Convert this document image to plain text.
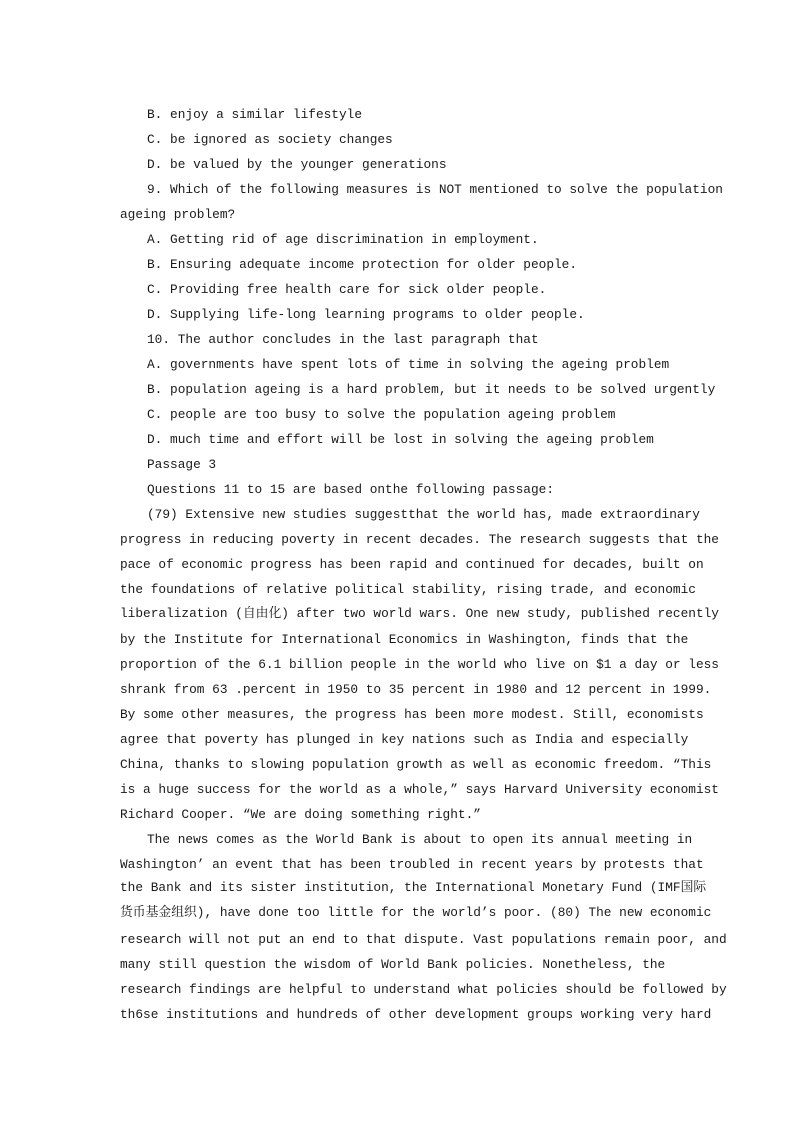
B. enjoy a similar lifestyle
C. be ignored as society changes
D. be valued by the younger generations
9. Which of the following measures is NOT mentioned to solve the population
ageing problem?
A. Getting rid of age discrimination in employment.
B. Ensuring adequate income protection for older people.
C. Providing free health care for sick older people.
D. Supplying life-long learning programs to older people.
10. The author concludes in the last paragraph that
A. governments have spent lots of time in solving the ageing problem
B. population ageing is a hard problem, but it needs to be solved urgently
C. people are too busy to solve the population ageing problem
D. much time and effort will be lost in solving the ageing problem
Passage 3
Questions 11 to 15 are based onthe following passage:
(79) Extensive new studies suggestthat the world has, made extraordinary
progress in reducing poverty in recent decades. The research suggests that the
pace of economic progress has been rapid and continued for decades, built on
the foundations of relative political stability, rising trade, and economic
liberalization (自由化) after two world wars. One new study, published recently
by the Institute for International Economics in Washington, finds that the
proportion of the 6.1 billion people in the world who live on $1 a day or less
shrank from 63 .percent in 1950 to 35 percent in 1980 and 12 percent in 1999.
By some other measures, the progress has been more modest. Still, economists
agree that poverty has plunged in key nations such as India and especially
China, thanks to slowing population growth as well as economic freedom. “This
is a huge success for the world as a whole,” says Harvard University economist
Richard Cooper. “We are doing something right.”
The news comes as the World Bank is about to open its annual meeting in
Washington’ an event that has been troubled in recent years by protests that
the Bank and its sister institution, the International Monetary Fund (IMF国际
货币基金组织), have done too little for the world’s poor. (80) The new economic
research will not put an end to that dispute. Vast populations remain poor, and
many still question the wisdom of World Bank policies. Nonetheless, the
research findings are helpful to understand what policies should be followed by
th6se institutions and hundreds of other development groups working very hard
